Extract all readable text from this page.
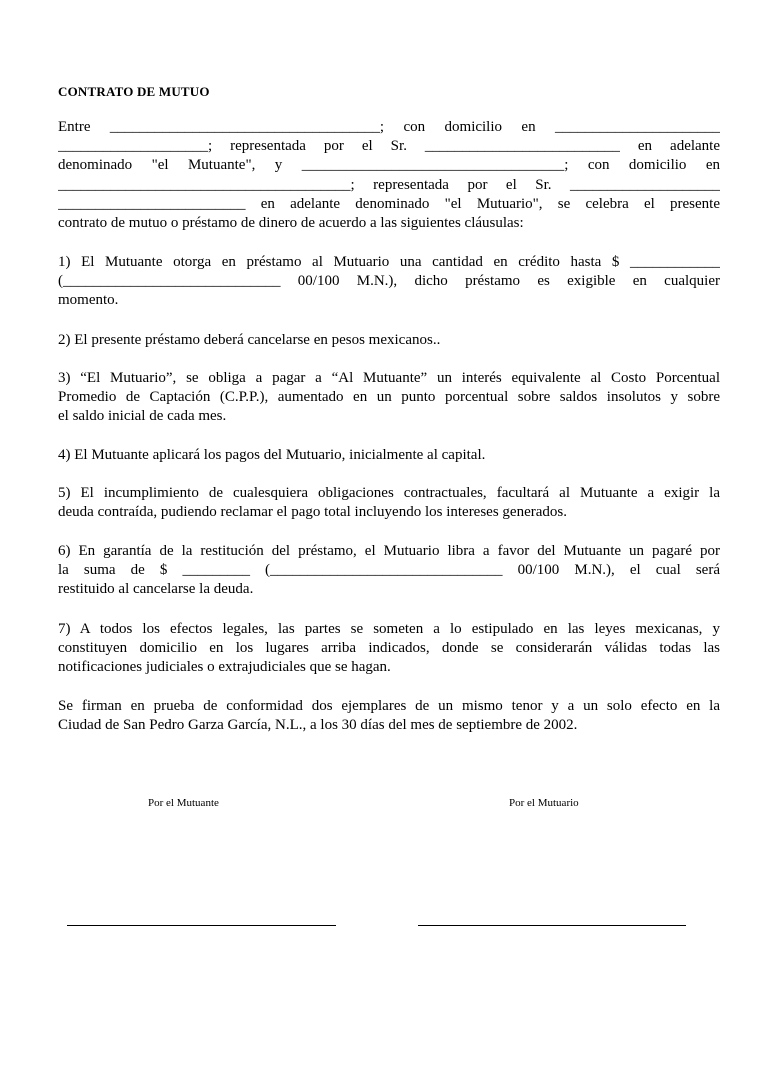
CONTRATO DE MUTUO
Entre ____________________________________; con domicilio en ______________________
____________________; representada por el Sr. __________________________ en adelante
denominado "el Mutuante", y ___________________________________; con domicilio en
_______________________________________; representada por el Sr. ____________________
_________________________ en adelante denominado "el Mutuario", se celebra el presente
contrato de mutuo o préstamo de dinero de acuerdo a las siguientes cláusulas:
1) El Mutuante otorga en préstamo al Mutuario una cantidad en crédito hasta $ ____________
(_____________________________ 00/100 M.N.), dicho préstamo es exigible en cualquier
momento.
2) El presente préstamo deberá cancelarse en pesos mexicanos..
3) “El Mutuario”, se obliga a pagar a “Al Mutuante” un interés equivalente al Costo Porcentual
Promedio de Captación (C.P.P.), aumentado en un punto porcentual sobre saldos insolutos y sobre
el saldo inicial de cada mes.
4) El Mutuante aplicará los pagos del Mutuario, inicialmente al capital.
5) El incumplimiento de cualesquiera obligaciones contractuales, facultará al Mutuante a exigir la
deuda contraída, pudiendo reclamar el pago total incluyendo los intereses generados.
6) En garantía de la restitución del préstamo, el Mutuario libra a favor del Mutuante un pagaré por
la suma de $ _________ (_______________________________ 00/100 M.N.), el cual será
restituido al cancelarse la deuda.
7) A todos los efectos legales, las partes se someten a lo estipulado en las leyes mexicanas, y
constituyen domicilio en los lugares arriba indicados, donde se considerarán válidas todas las
notificaciones judiciales o extrajudiciales que se hagan.
Se firman en prueba de conformidad dos ejemplares de un mismo tenor y a un solo efecto en la
Ciudad de San Pedro Garza García, N.L., a los 30 días del mes de septiembre de 2002.
Por el Mutuante	Por el Mutuario
